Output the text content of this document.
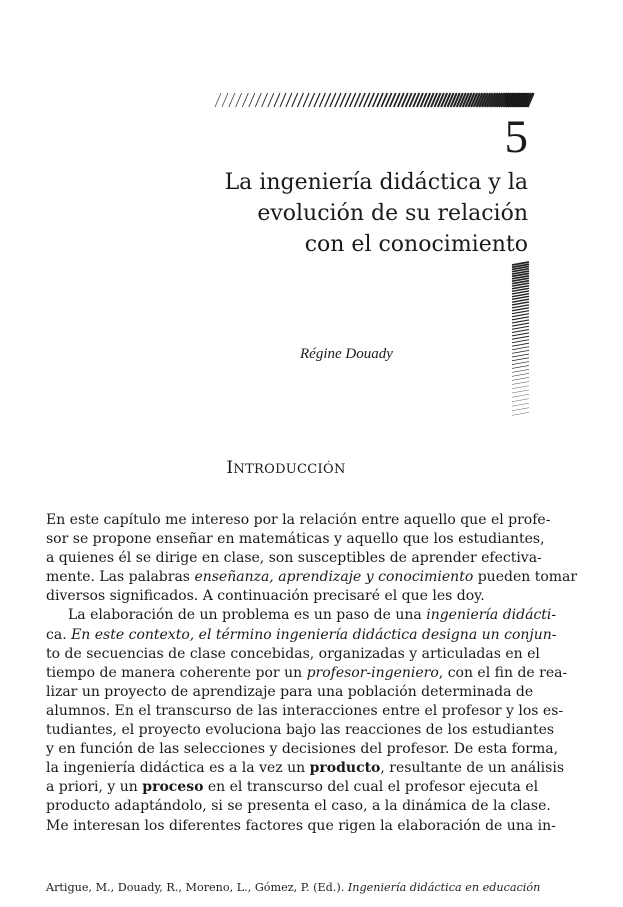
5
La ingeniería didáctica y la
evolución de su relación
con el conocimiento
Régine Douady
INTRODUCCIÓN
En este capítulo me intereso por la relación entre aquello que el profe-
sor se propone enseñar en matemáticas y aquello que los estudiantes,
a quienes él se dirige en clase, son susceptibles de aprender efectiva-
mente. Las palabras enseñanza, aprendizaje y conocimiento pueden tomar
diversos significados. A continuación precisaré el que les doy.
La elaboración de un problema es un paso de una ingeniería didácti-
ca. En este contexto, el término ingeniería didáctica designa un conjun-
to de secuencias de clase concebidas, organizadas y articuladas en el
tiempo de manera coherente por un profesor-ingeniero, con el fin de rea-
lizar un proyecto de aprendizaje para una población determinada de
alumnos. En el transcurso de las interacciones entre el profesor y los es-
tudiantes, el proyecto evoluciona bajo las reacciones de los estudiantes
y en función de las selecciones y decisiones del profesor. De esta forma,
la ingeniería didáctica es a la vez un producto, resultante de un análisis
a priori, y un proceso en el transcurso del cual el profesor ejecuta el
producto adaptándolo, si se presenta el caso, a la dinámica de la clase.
Me interesan los diferentes factores que rigen la elaboración de una in-
Artigue, M., Douady, R., Moreno, L., Gómez, P. (Ed.). Ingeniería didáctica en educación
